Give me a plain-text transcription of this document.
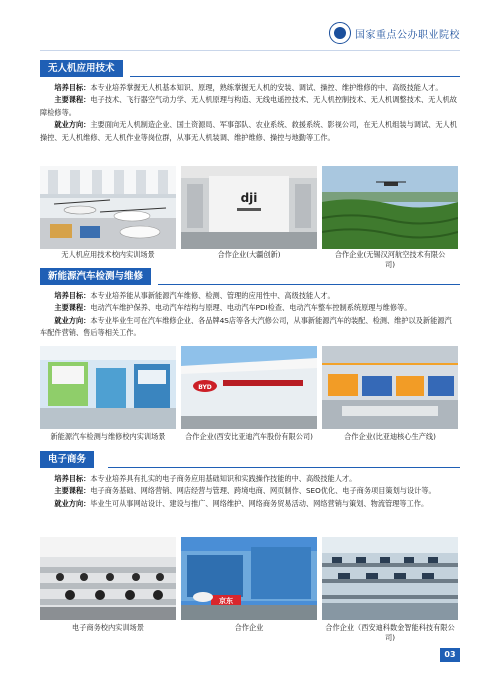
国家重点公办职业院校
无人机应用技术

培养目标：本专业培养掌握无人机基本知识、原理，熟练掌握无人机的安装、调试、操控、维护维修的中、高级技能人才。

主要课程：电子技术、飞行器空气动力学、无人机原理与构造、无线电遥控技术、无人机控制技术、无人机调整技术、无人机故障检修等。

就业方向：主要面向无人机制造企业、国土资源局、军事部队、农业系统、救援系统、影视公司，在无人机组装与调试、无人机操控、无人机维修、无人机作业等岗位群，从事无人机装调、维护维修、操控与地勤等工作。

dji
无人机应用技术校内实训场景	合作企业(大疆创新)	合作企业(无锡汉河航空技术有限公司)
新能源汽车检测与维修

培养目标：本专业培养能从事新能源汽车维修、检测、管理的应用性中、高级技能人才。

主要课程：电动汽车维护保养、电动汽车结构与原理、电动汽车PDI检查、电动汽车整车控制系统原理与维修等。

就业方向：本专业毕业生可在汽车维修企业、各品牌4S店等各大汽修公司，从事新能源汽车的装配、检测、维护以及新能源汽车配件营销、售后等相关工作。

BYD
新能源汽车检测与维修校内实训场景	合作企业(西安比亚迪汽车股份有限公司)	合作企业(比亚迪核心生产线)
电子商务

培养目标：本专业培养具有扎实的电子商务应用基础知识和实践操作技能的中、高级技能人才。

主要课程：电子商务基础、网络营销、网店经营与管理、跨境电商、网页制作、SEO优化、电子商务项目策划与设计等。

就业方向：毕业生可从事网站设计、建设与推广、网络维护、网络商务贸易活动、网络营销与策划、物流管理等工作。

京东
电子商务校内实训场景	合作企业	合作企业（西安迪科数金智能科技有限公司)
03
